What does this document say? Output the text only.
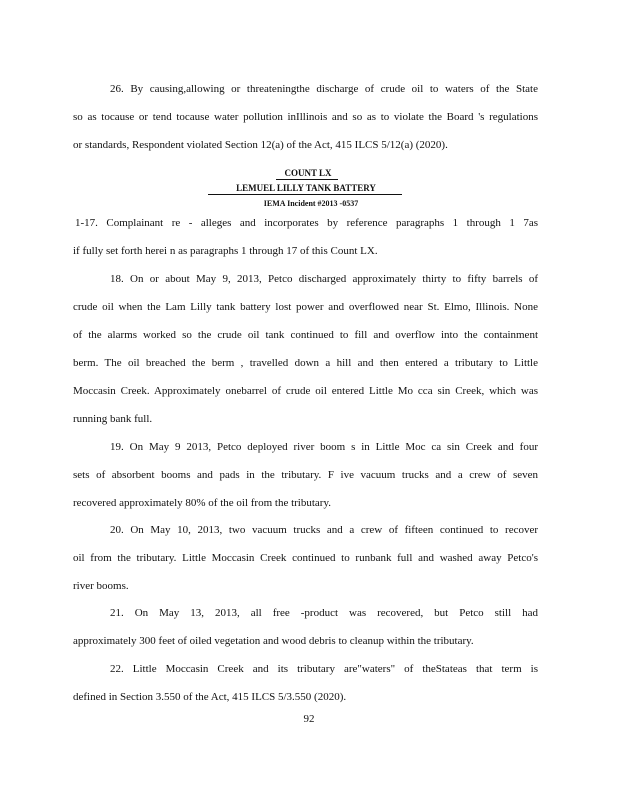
26. By causing,allowing or threateningthe discharge of crude oil to waters of the State
so as tocause or tend tocause water pollution inIllinois and so as to violate the Board 's regulations
or standards, Respondent violated Section 12(a) of the Act, 415 ILCS 5/12(a) (2020).
COUNT LX
LEMUEL LILLY TANK BATTERY
IEMA Incident #2013 -0537
1-17. Complainant re - alleges and incorporates by reference paragraphs 1 through 1 7as
if fully set forth herei n as paragraphs 1 through 17 of this Count LX.
18. On or about May 9, 2013, Petco discharged approximately thirty to fifty barrels of
crude oil when the Lam Lilly tank battery lost power and overflowed near St. Elmo, Illinois. None
of the alarms worked so the crude oil tank continued to fill and overflow into the containment
berm. The oil breached the berm , travelled down a hill and then entered a tributary to Little
Moccasin Creek. Approximately onebarrel of crude oil entered Little Mo cca sin Creek, which was
running bank full.
19. On May 9 2013, Petco deployed river boom s in Little Moc ca sin Creek and four
sets of absorbent booms and pads in the tributary. F ive vacuum trucks and a crew of seven
recovered approximately 80% of the oil from the tributary.
20. On May 10, 2013, two vacuum trucks and a crew of fifteen continued to recover
oil from the tributary. Little Moccasin Creek continued to runbank full and washed away Petco's
river booms.
21. On May 13, 2013, all free -product was recovered, but Petco still had
approximately 300 feet of oiled vegetation and wood debris to cleanup within the tributary.
22. Little Moccasin Creek and its tributary are"waters" of theStateas that term is
defined in Section 3.550 of the Act, 415 ILCS 5/3.550 (2020).
92
